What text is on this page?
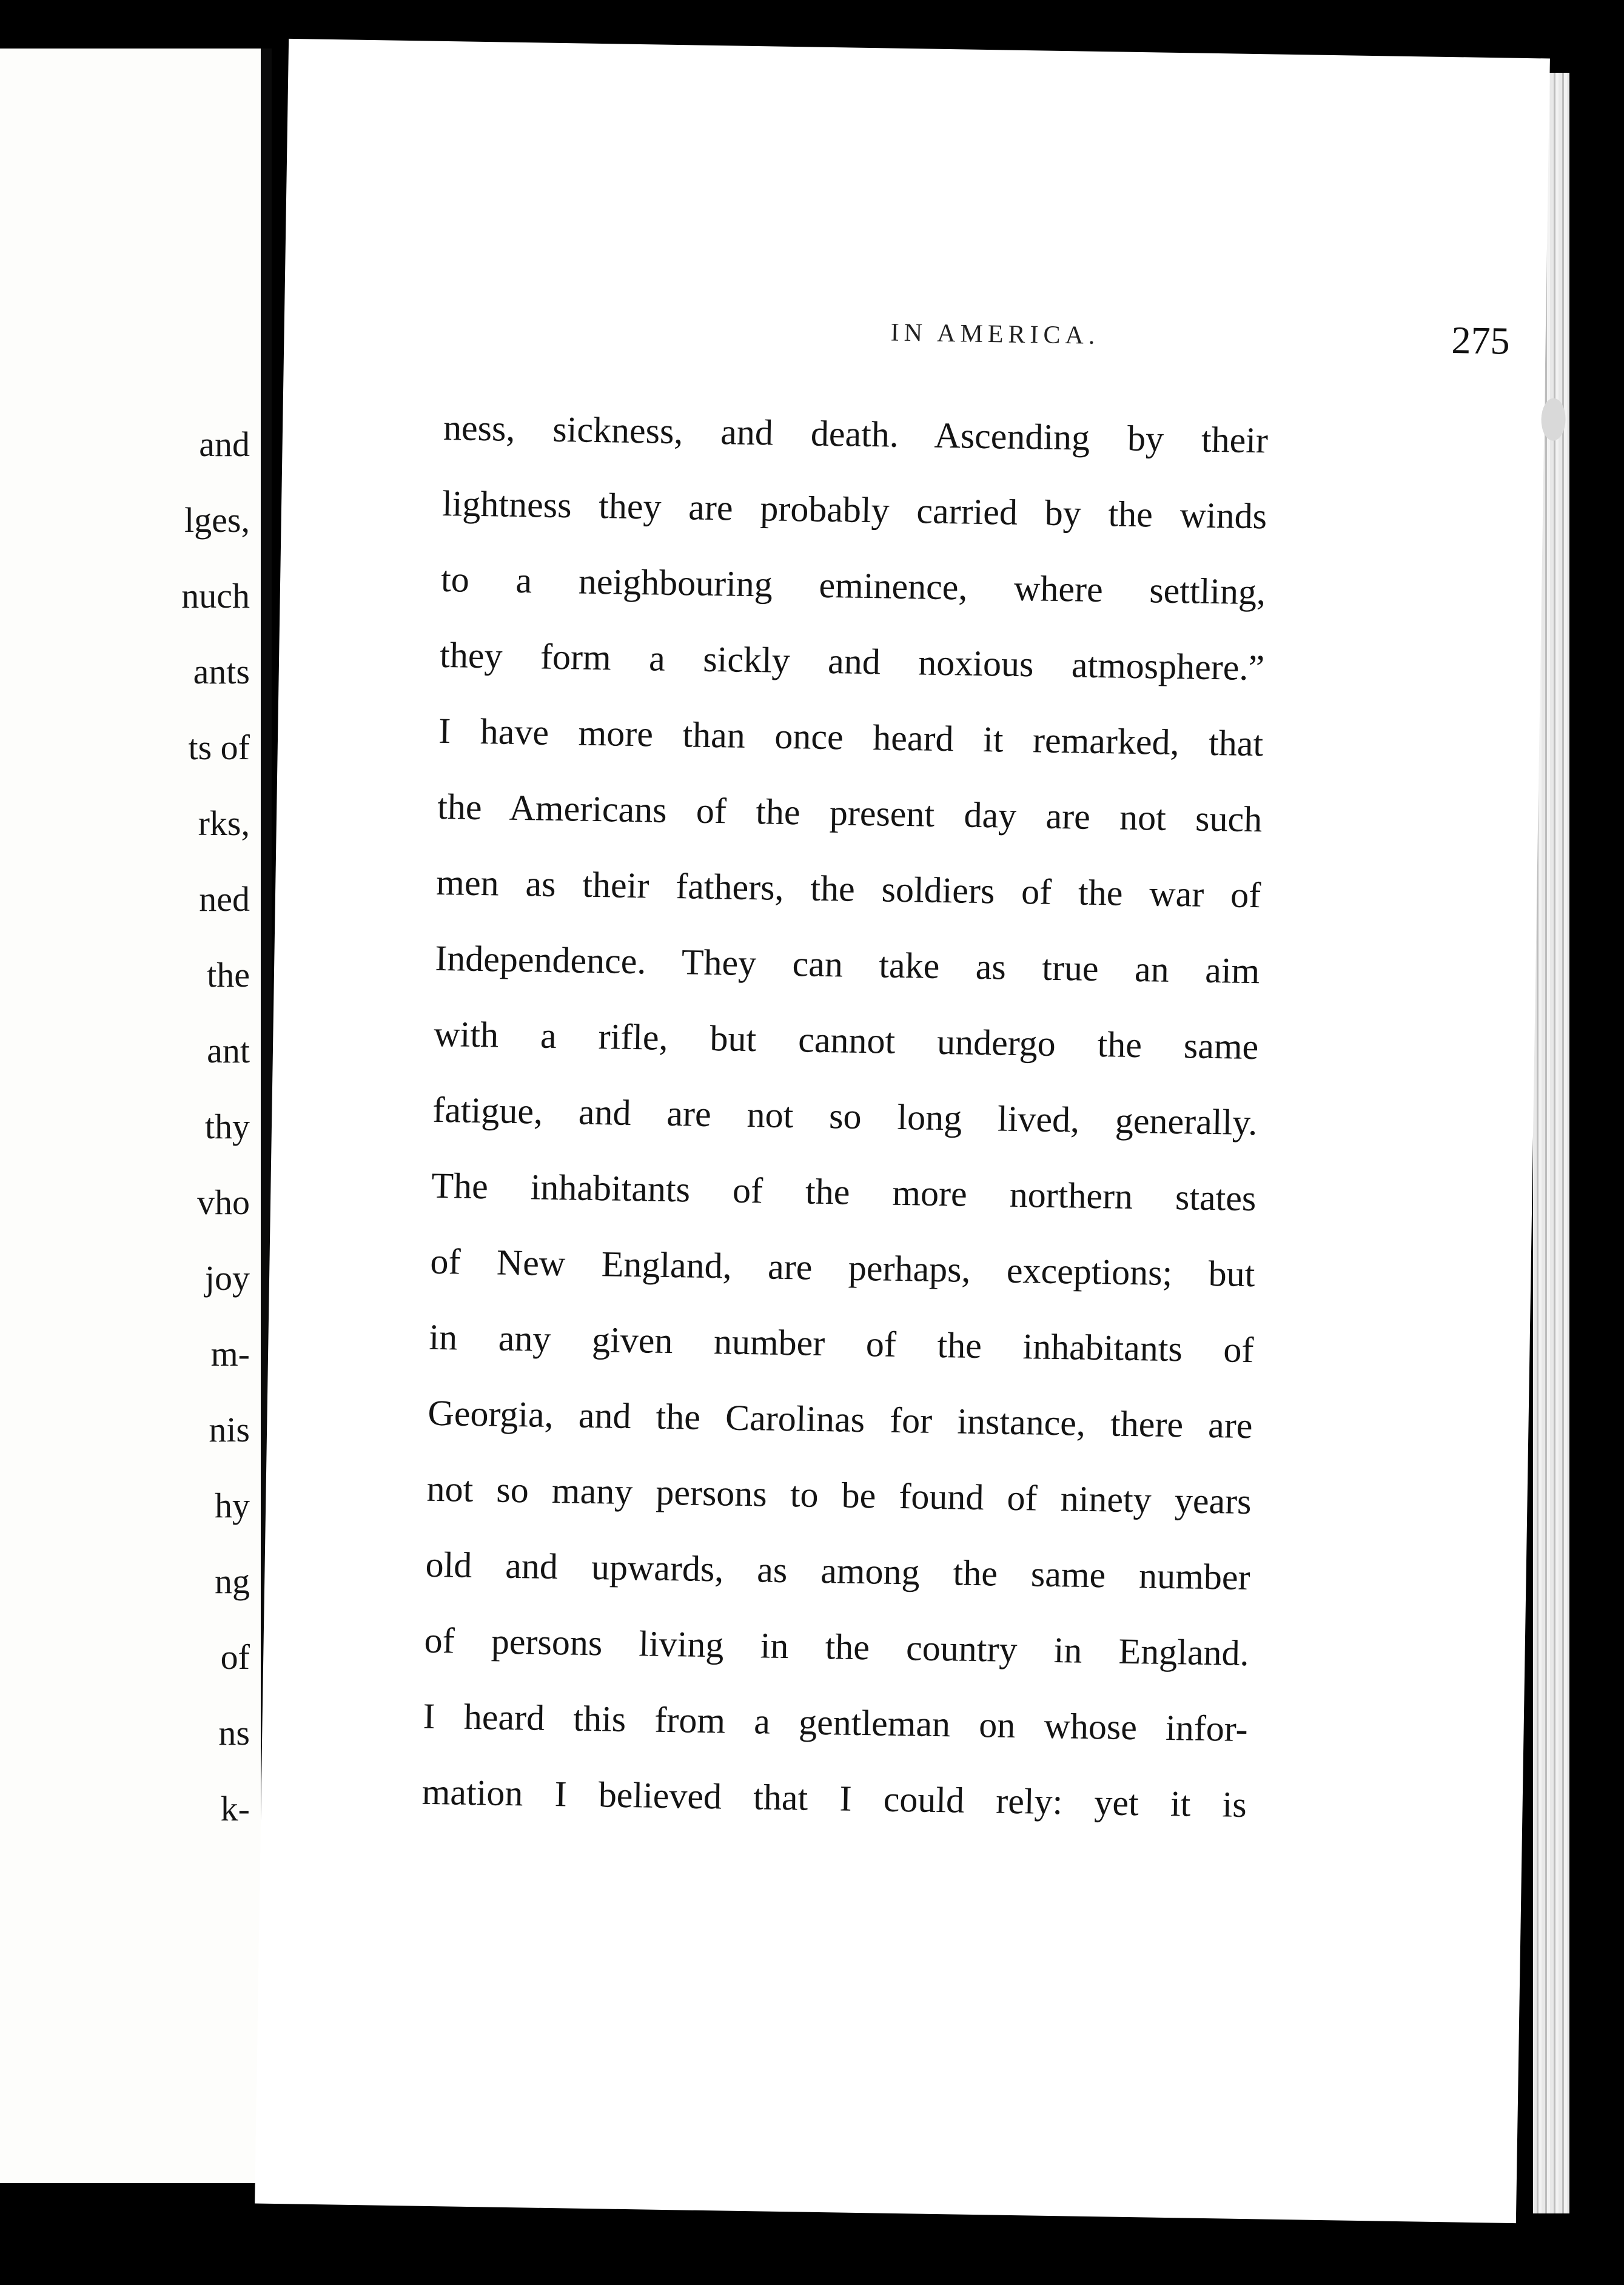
and
lges,
nuch
ants
ts of
rks,
ned
the
ant
thy
vho
joy
m-
nis
hy
ng
of
ns
k-
IN AMERICA.	275
ness, sickness, and death. Ascending by their
lightness they are probably carried by the winds
to a neighbouring eminence, where settling,
they form a sickly and noxious atmosphere.”
I have more than once heard it remarked, that
the Americans of the present day are not such
men as their fathers, the soldiers of the war of
Independence. They can take as true an aim
with a rifle, but cannot undergo the same
fatigue, and are not so long lived, generally.
The inhabitants of the more northern states
of New England, are perhaps, exceptions; but
in any given number of the inhabitants of
Georgia, and the Carolinas for instance, there are
not so many persons to be found of ninety years
old and upwards, as among the same number
of persons living in the country in England.
I heard this from a gentleman on whose infor-
mation I believed that I could rely: yet it is
